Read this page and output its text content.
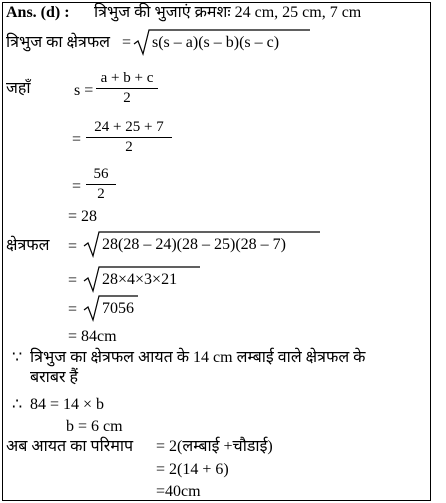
Ans. (d) : त्रिभुज की भुजाएं क्रमशः 24 cm, 25 cm, 7 cm
त्रिभुज का क्षेत्रफल = s(s – a)(s – b)(s – c)
जहाँ	s =
a + b + c
2
=
24 + 25 + 7
2
=
56
2
= 28
क्षेत्रफल = 28(28 – 24)(28 – 25)(28 – 7)
= 28×4×3×21
= 7056
= 84cm
∵ त्रिभुज का क्षेत्रफल आयत के 14 cm लम्बाई वाले क्षेत्रफल के
बराबर हैं
∴ 84 = 14 × b
b = 6 cm
अब आयत का परिमाप = 2(लम्बाई +चौडाई)
= 2(14 + 6)
=40cm
